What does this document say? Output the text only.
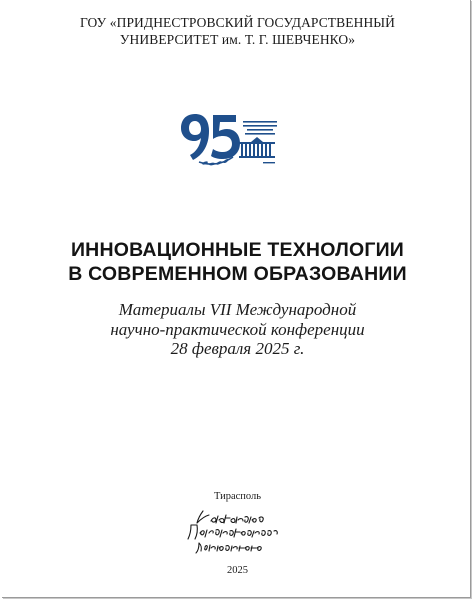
ГОУ «ПРИДНЕСТРОВСКИЙ ГОСУДАРСТВЕННЫЙ
УНИВЕРСИТЕТ им. Т. Г. ШЕВЧЕНКО»
ИННОВАЦИОННЫЕ ТЕХНОЛОГИИ
В СОВРЕМЕННОМ ОБРАЗОВАНИИ
Материалы VII Международной
научно-практической конференции
28 февраля 2025 г.
Тирасполь
2025
